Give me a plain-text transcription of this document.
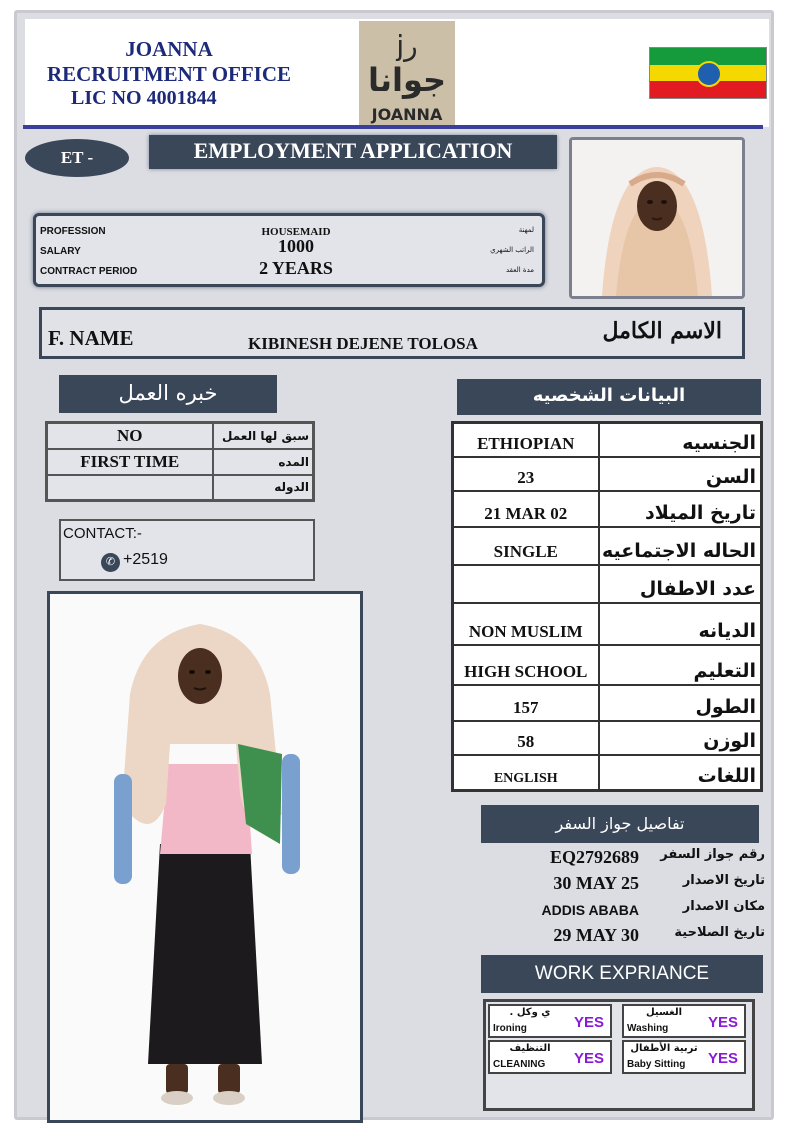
JOANNA
RECRUITMENT OFFICE
LIC NO 4001844
jر
جوانا
JOANNA
ET -	EMPLOYMENT APPLICATION
PROFESSION	HOUSEMAID	لمهنة
SALARY	1000	الراتب الشهري
CONTRACT PERIOD	2 YEARS	مدة العقد
F. NAME	KIBINESH DEJENE TOLOSA	الاسم الكامل
خبره العمل	البيانات الشخصيه
NO	سبق لها العمل
FIRST TIME	المده
	الدوله
CONTACT:-
✆ +2519
ETHIOPIAN	الجنسيه
23	السن
21 MAR 02	تاريخ الميلاد
SINGLE	الحاله الاجتماعيه
	عدد الاطفال
NON MUSLIM	الديانه
HIGH SCHOOL	التعليم
157	الطول
58	الوزن
ENGLISH	اللغات
تفاصيل جواز السفر
EQ2792689 رقم جواز السفر
30 MAY 25	تاريخ الاصدار
ADDIS ABABA	مكان الاصدار
29 MAY 30	تاريخ الصلاحية
WORK EXPRIANCE
ي وكل .
Ironing	YES
الغسيل
Washing	YES
التنظيف
CLEANING YES
تربية الأطفال
Baby Sitting YES
